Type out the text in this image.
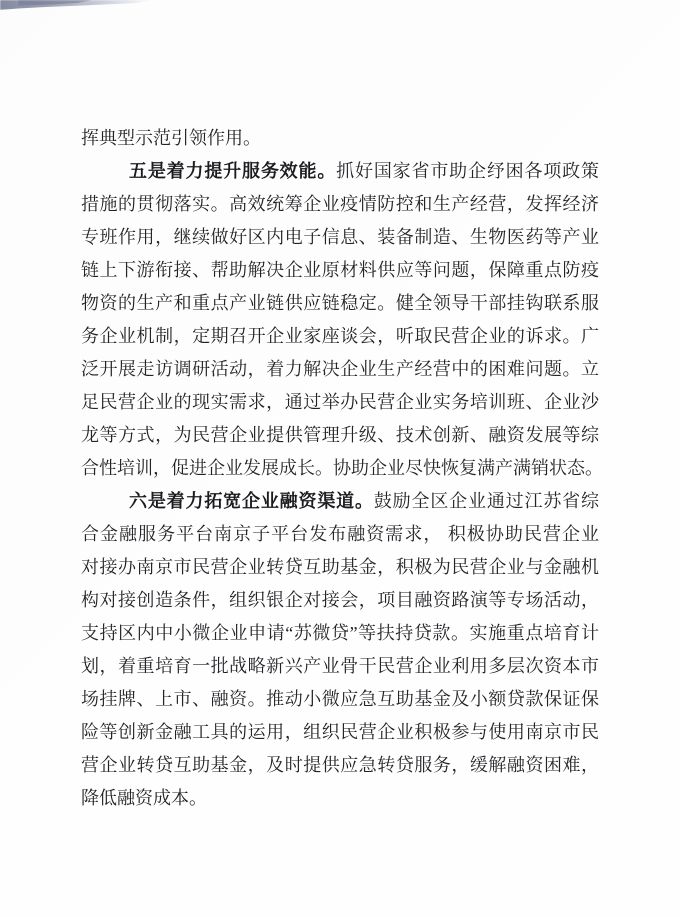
挥典型示范引领作用。
五是着力提升服务效能。抓好国家省市助企纾困各项政策
措施的贯彻落实。高效统筹企业疫情防控和生产经营，发挥经济
专班作用，继续做好区内电子信息、装备制造、生物医药等产业
链上下游衔接、帮助解决企业原材料供应等问题，保障重点防疫
物资的生产和重点产业链供应链稳定。健全领导干部挂钩联系服
务企业机制，定期召开企业家座谈会，听取民营企业的诉求。广
泛开展走访调研活动，着力解决企业生产经营中的困难问题。立
足民营企业的现实需求，通过举办民营企业实务培训班、企业沙
龙等方式，为民营企业提供管理升级、技术创新、融资发展等综
合性培训，促进企业发展成长。协助企业尽快恢复满产满销状态。
六是着力拓宽企业融资渠道。鼓励全区企业通过江苏省综
合金融服务平台南京子平台发布融资需求， 积极协助民营企业
对接办南京市民营企业转贷互助基金，积极为民营企业与金融机
构对接创造条件，组织银企对接会，项目融资路演等专场活动，
支持区内中小微企业申请“苏微贷”等扶持贷款。实施重点培育计
划，着重培育一批战略新兴产业骨干民营企业利用多层次资本市
场挂牌、上市、融资。推动小微应急互助基金及小额贷款保证保
险等创新金融工具的运用，组织民营企业积极参与使用南京市民
营企业转贷互助基金，及时提供应急转贷服务，缓解融资困难，
降低融资成本。
